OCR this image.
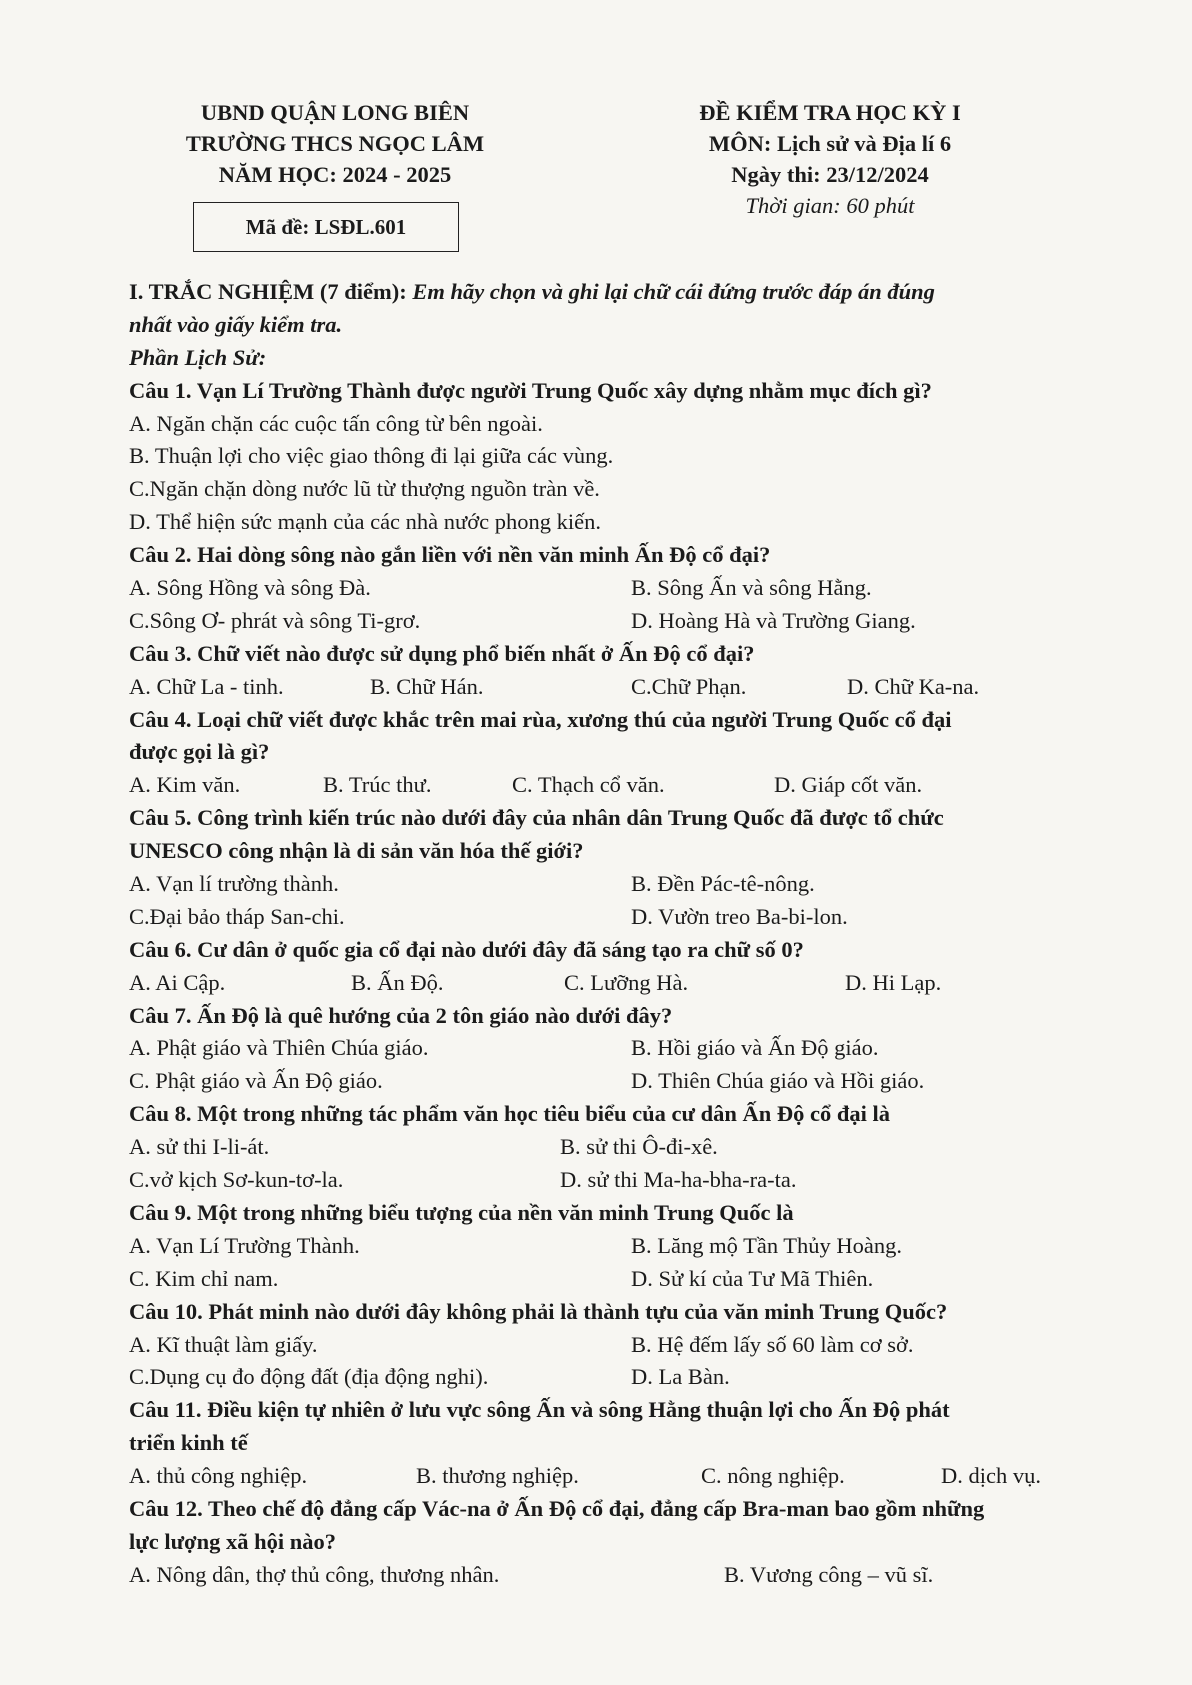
UBND QUẬN LONG BIÊN
TRƯỜNG THCS NGỌC LÂM
NĂM HỌC: 2024 - 2025
Mã đề: LSĐL.601
ĐỀ KIỂM TRA HỌC KỲ I
MÔN: Lịch sử và Địa lí 6
Ngày thi: 23/12/2024
Thời gian: 60 phút
I. TRẮC NGHIỆM (7 điểm): Em hãy chọn và ghi lại chữ cái đứng trước đáp án đúng
nhất vào giấy kiểm tra.
Phần Lịch Sử:
Câu 1. Vạn Lí Trường Thành được người Trung Quốc xây dựng nhằm mục đích gì?
A. Ngăn chặn các cuộc tấn công từ bên ngoài.
B. Thuận lợi cho việc giao thông đi lại giữa các vùng.
C.Ngăn chặn dòng nước lũ từ thượng nguồn tràn về.
D. Thể hiện sức mạnh của các nhà nước phong kiến.
Câu 2. Hai dòng sông nào gắn liền với nền văn minh Ấn Độ cổ đại?
A. Sông Hồng và sông Đà.	B. Sông Ấn và sông Hằng.
C.Sông Ơ- phrát và sông Ti-grơ.	D. Hoàng Hà và Trường Giang.
Câu 3. Chữ viết nào được sử dụng phổ biến nhất ở Ấn Độ cổ đại?
A. Chữ La - tinh.	B. Chữ Hán.	C.Chữ Phạn.	D. Chữ Ka-na.
Câu 4. Loại chữ viết được khắc trên mai rùa, xương thú của người Trung Quốc cổ đại
được gọi là gì?
A. Kim văn.	B. Trúc thư.	C. Thạch cổ văn.	D. Giáp cốt văn.
Câu 5. Công trình kiến trúc nào dưới đây của nhân dân Trung Quốc đã được tổ chức
UNESCO công nhận là di sản văn hóa thế giới?
A. Vạn lí trường thành.	B. Đền Pác-tê-nông.
C.Đại bảo tháp San-chi.	D. Vườn treo Ba-bi-lon.
Câu 6. Cư dân ở quốc gia cổ đại nào dưới đây đã sáng tạo ra chữ số 0?
A. Ai Cập.	B. Ấn Độ.	C. Lưỡng Hà.	D. Hi Lạp.
Câu 7. Ấn Độ là quê hướng của 2 tôn giáo nào dưới đây?
A. Phật giáo và Thiên Chúa giáo.	B. Hồi giáo và Ấn Độ giáo.
C. Phật giáo và Ấn Độ giáo.	D. Thiên Chúa giáo và Hồi giáo.
Câu 8. Một trong những tác phẩm văn học tiêu biểu của cư dân Ấn Độ cổ đại là
A. sử thi I-li-át.	B. sử thi Ô-đi-xê.
C.vở kịch Sơ-kun-tơ-la.	D. sử thi Ma-ha-bha-ra-ta.
Câu 9. Một trong những biểu tượng của nền văn minh Trung Quốc là
A. Vạn Lí Trường Thành.	B. Lăng mộ Tần Thủy Hoàng.
C. Kim chỉ nam.	D. Sử kí của Tư Mã Thiên.
Câu 10. Phát minh nào dưới đây không phải là thành tựu của văn minh Trung Quốc?
A. Kĩ thuật làm giấy.	B. Hệ đếm lấy số 60 làm cơ sở.
C.Dụng cụ đo động đất (địa động nghi).	D. La Bàn.
Câu 11. Điều kiện tự nhiên ở lưu vực sông Ấn và sông Hằng thuận lợi cho Ấn Độ phát
triển kinh tế
A. thủ công nghiệp.	B. thương nghiệp.	C. nông nghiệp.	D. dịch vụ.
Câu 12. Theo chế độ đẳng cấp Vác-na ở Ấn Độ cổ đại, đẳng cấp Bra-man bao gồm những
lực lượng xã hội nào?
A. Nông dân, thợ thủ công, thương nhân.	B. Vương công – vũ sĩ.
